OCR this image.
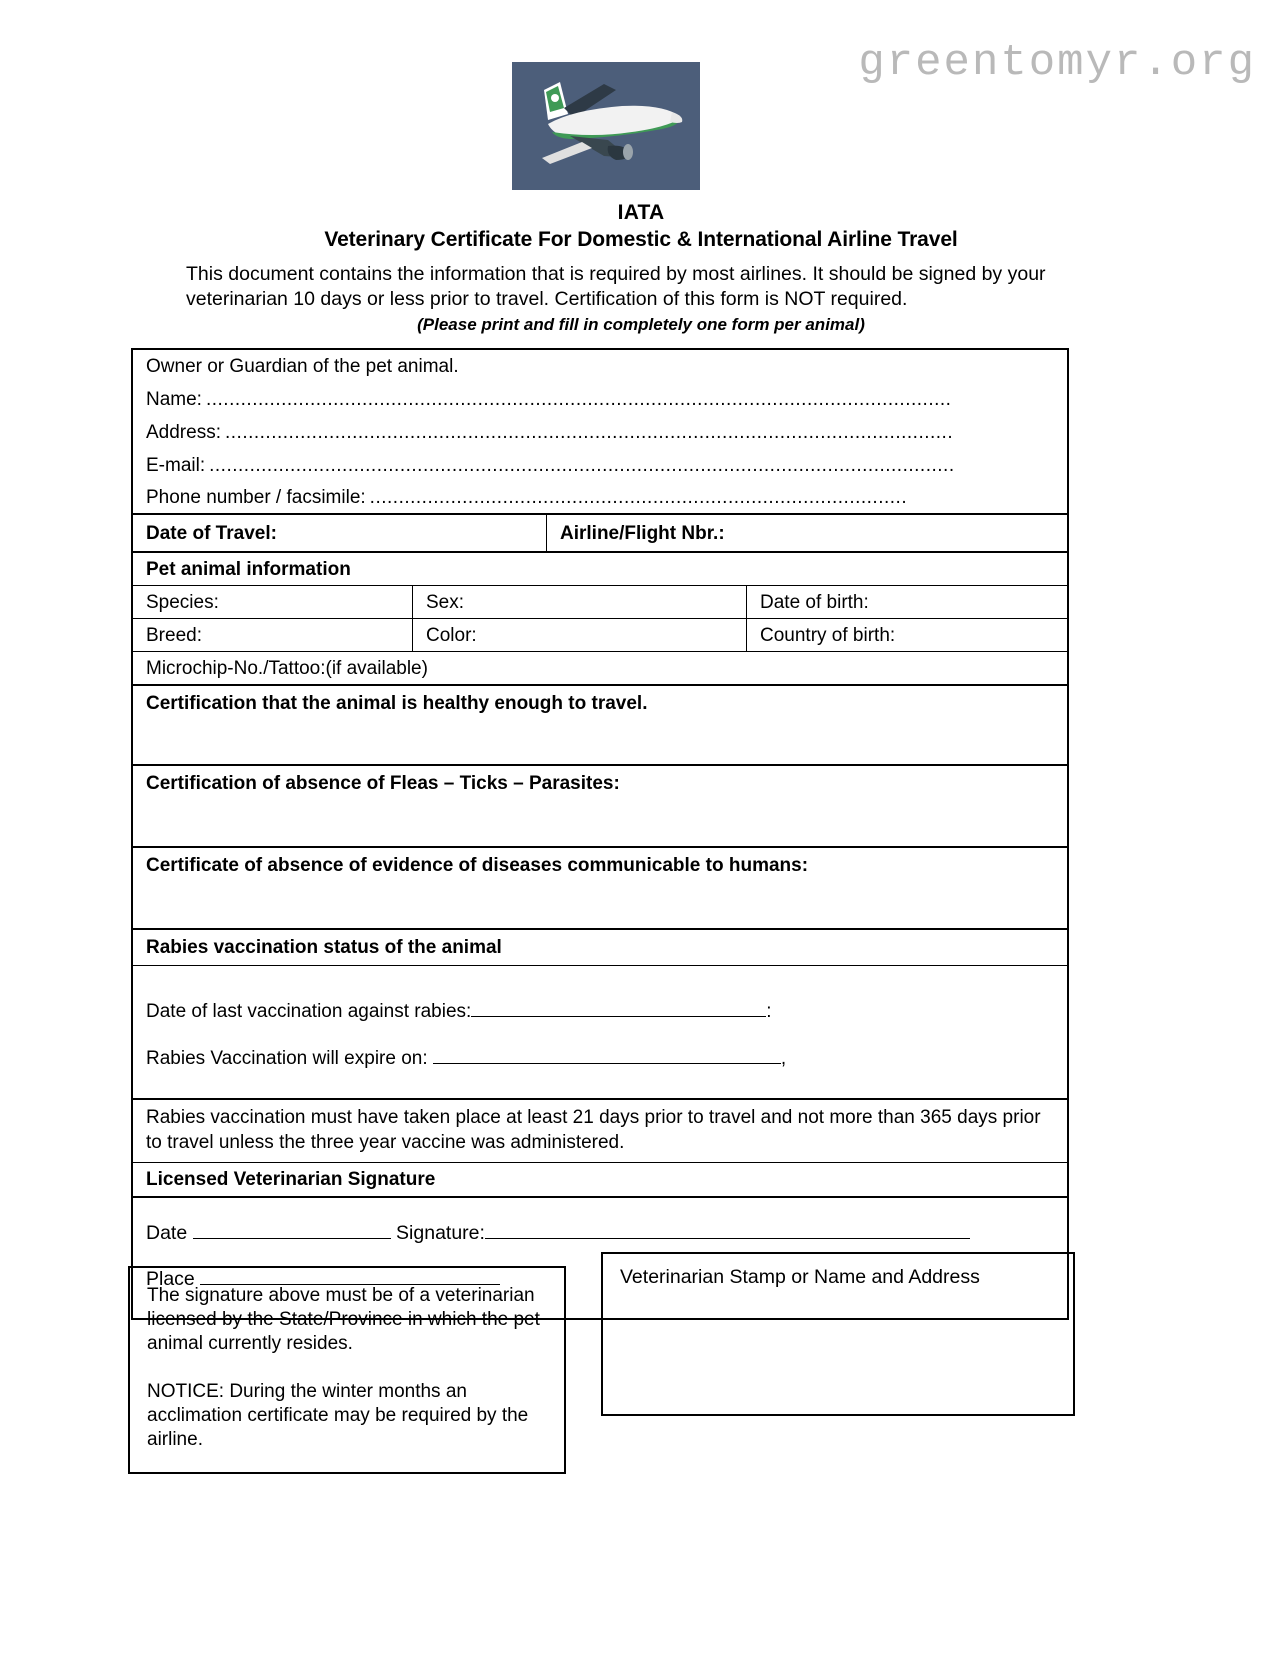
greentomyr.org
IATA
Veterinary Certificate For Domestic & International Airline Travel
This document contains the information that is required by most airlines. It should be signed by your veterinarian 10 days or less prior to travel. Certification of this form is NOT required.
(Please print and fill in completely one form per animal)
Owner or Guardian of the pet animal.
Name: .................................................................................................................................
Address: ..............................................................................................................................
E-mail: .................................................................................................................................
Phone number / facsimile: .............................................................................................
Date of Travel:	Airline/Flight Nbr.:
Pet animal information
Species:	Sex:	Date of birth:
Breed:	Color:	Country of birth:
Microchip-No./Tattoo:(if available)
Certification that the animal is healthy enough to travel.
Certification of absence of Fleas – Ticks – Parasites:
Certificate of absence of evidence of diseases communicable to humans:
Rabies vaccination status of the animal
Date of last vaccination against rabies:	:
Rabies Vaccination will expire on:	,
Rabies vaccination must have taken place at least 21 days prior to travel and not more than 365 days prior to travel unless the three year vaccine was administered.
Licensed Veterinarian Signature
Date	Signature:
Place

The signature above must be of a veterinarian licensed by the State/Province in which the pet animal currently resides.

NOTICE: During the winter months an acclimation certificate may be required by the airline.

Veterinarian Stamp or Name and Address
